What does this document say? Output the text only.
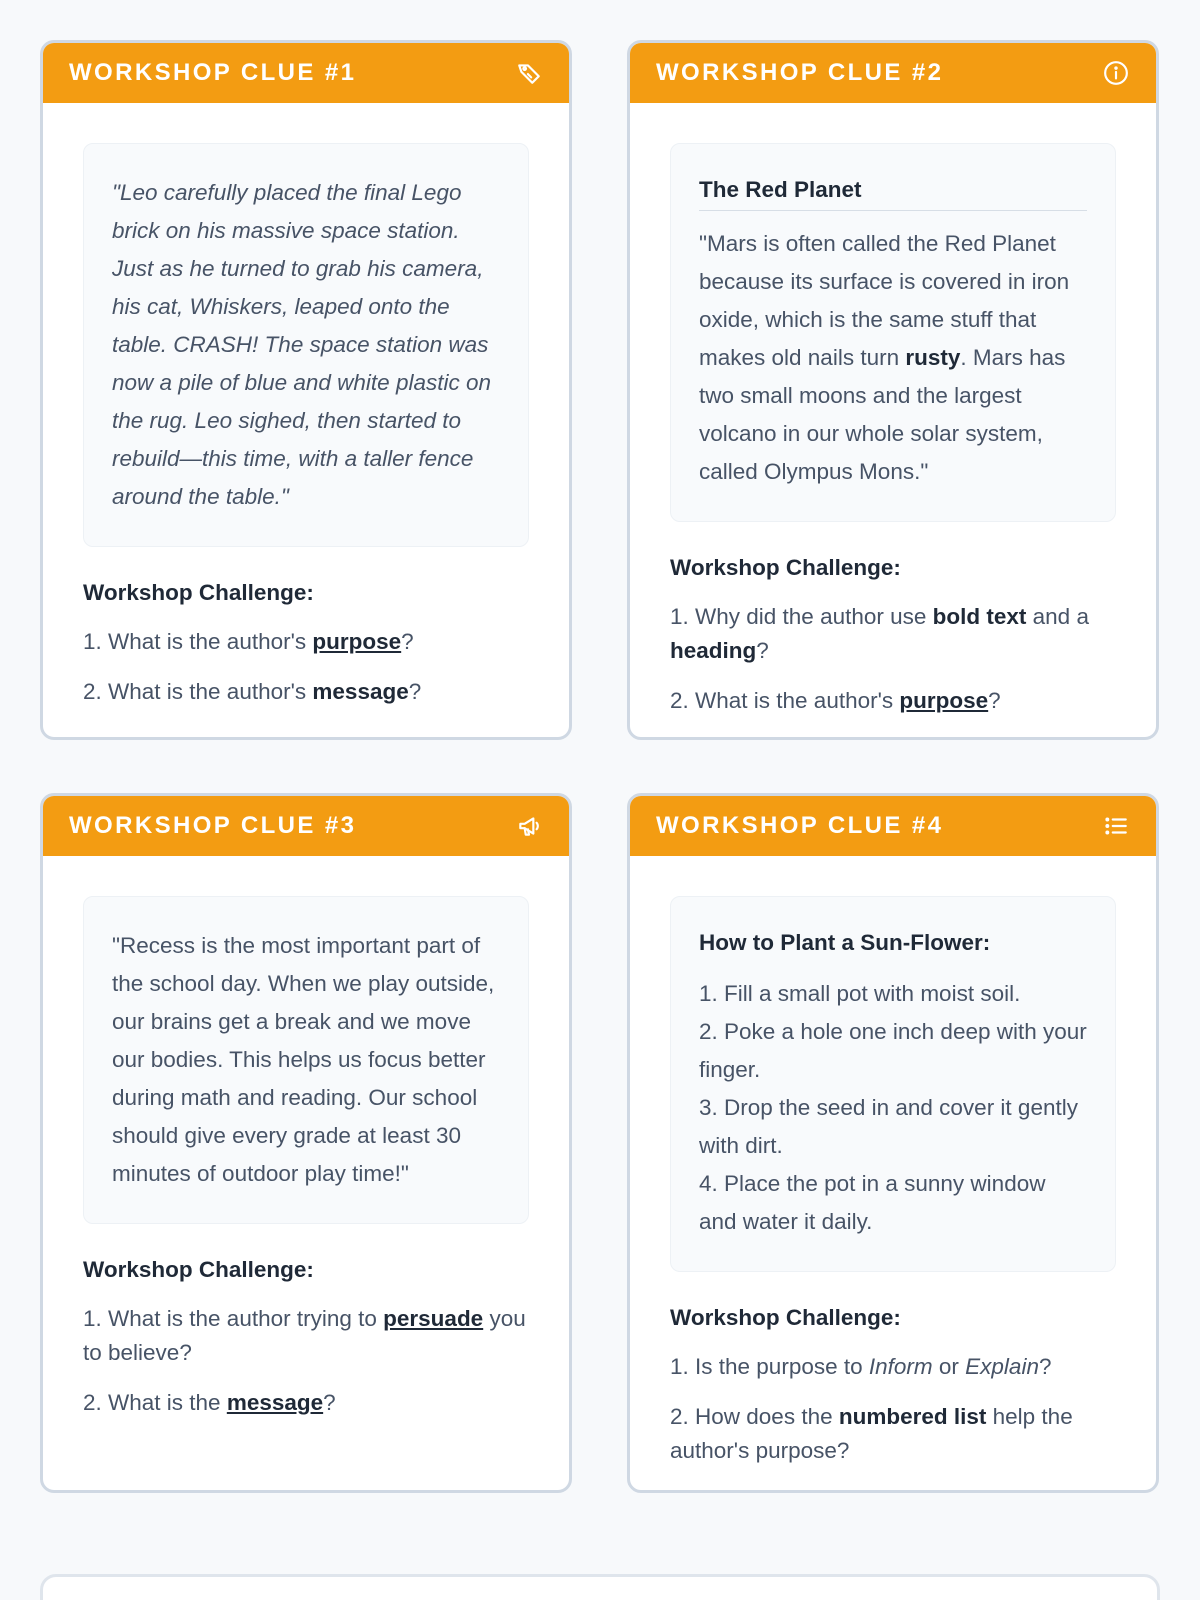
WORKSHOP CLUE #1
"Leo carefully placed the final Lego brick on his massive space station. Just as he turned to grab his camera, his cat, Whiskers, leaped onto the table. CRASH! The space station was now a pile of blue and white plastic on the rug. Leo sighed, then started to rebuild—this time, with a taller fence around the table."
Workshop Challenge:
1. What is the author's purpose?
2. What is the author's message?
WORKSHOP CLUE #2
The Red Planet
"Mars is often called the Red Planet because its surface is covered in iron oxide, which is the same stuff that makes old nails turn rusty. Mars has two small moons and the largest volcano in our whole solar system, called Olympus Mons."
Workshop Challenge:
1. Why did the author use bold text and a heading?
2. What is the author's purpose?
WORKSHOP CLUE #3
"Recess is the most important part of the school day. When we play outside, our brains get a break and we move our bodies. This helps us focus better during math and reading. Our school should give every grade at least 30 minutes of outdoor play time!"
Workshop Challenge:
1. What is the author trying to persuade you to believe?
2. What is the message?
WORKSHOP CLUE #4
How to Plant a Sun-Flower:
1. Fill a small pot with moist soil.
2. Poke a hole one inch deep with your finger.
3. Drop the seed in and cover it gently with dirt.
4. Place the pot in a sunny window and water it daily.
Workshop Challenge:
1. Is the purpose to Inform or Explain?
2. How does the numbered list help the author's purpose?
